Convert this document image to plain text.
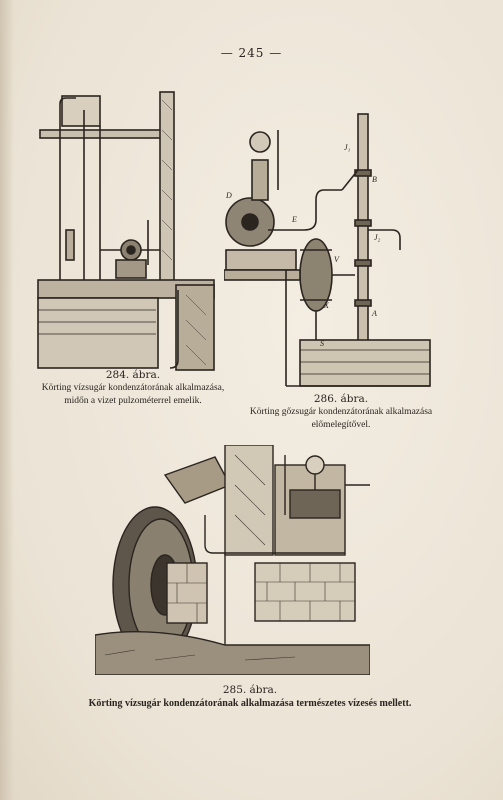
— 245 —
284. ábra.
Körting vízsugár kondenzátorának alkalmazása, midőn a vizet pulzométerrel emelik.
D
E
V
X
A
B
S
J₁
J₂
286. ábra.
Körting gőzsugár kondenzátorának alkalmazása előmelegítővel.
285. ábra.
Körting vízsugár kondenzátorának alkalmazása természetes vízesés mellett.
